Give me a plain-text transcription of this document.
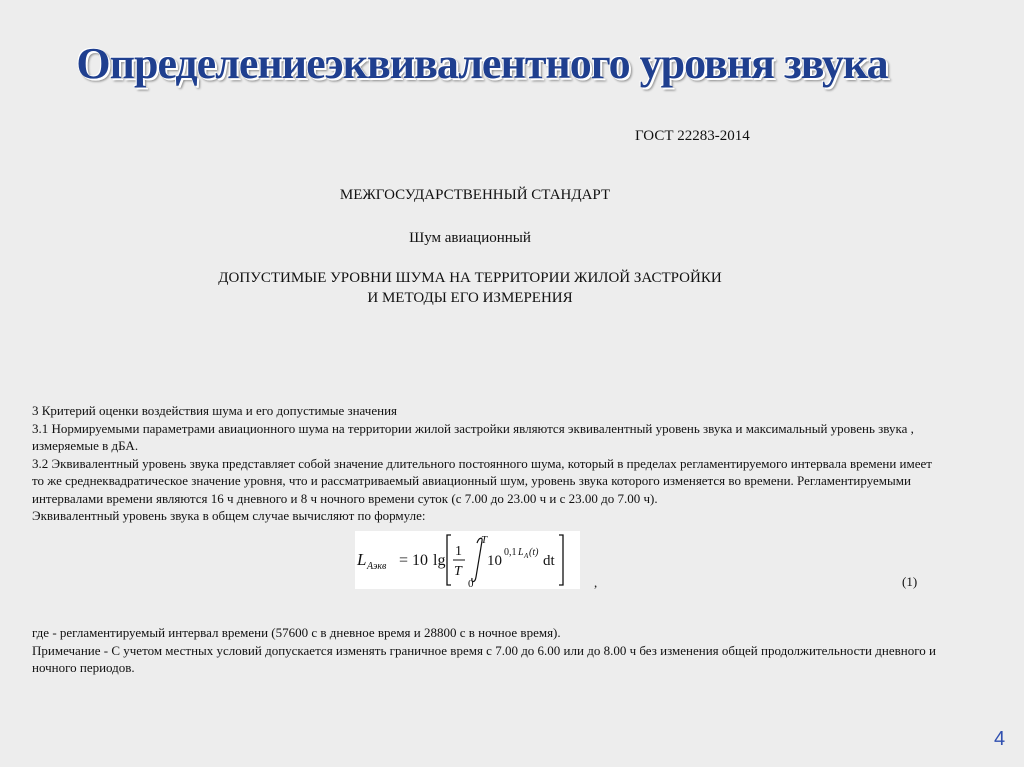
Определениеэквивалентного уровня звука
ГОСТ 22283-2014
МЕЖГОСУДАРСТВЕННЫЙ СТАНДАРТ
Шум авиационный
ДОПУСТИМЫЕ УРОВНИ ШУМА НА ТЕРРИТОРИИ ЖИЛОЙ ЗАСТРОЙКИ
И МЕТОДЫ ЕГО ИЗМЕРЕНИЯ

3 Критерий оценки воздействия шума и его допустимые значения

3.1 Нормируемыми параметрами авиационного шума на территории жилой застройки являются эквивалентный уровень звука и максимальный уровень звука , измеряемые в дБА.

3.2 Эквивалентный уровень звука представляет собой значение длительного постоянного шума, который в пределах регламентируемого интервала времени имеет то же среднеквадратическое значение уровня, что и рассматриваемый авиационный шум, уровень звука которого изменяется во времени. Регламентируемыми интервалами времени являются 16 ч дневного и 8 ч ночного времени суток (с 7.00 до 23.00 ч и с 23.00 до 7.00 ч).

Эквивалентный уровень звука в общем случае вычисляют по формуле:

L Аэкв = 10 lg
1
T
T
0
10
0,1 L A (t)
dt
,	(1)

где - регламентируемый интервал времени (57600 с в дневное время и 28800 с в ночное время).

Примечание - С учетом местных условий допускается изменять граничное время с 7.00 до 6.00 или до 8.00 ч без изменения общей продолжительности дневного и ночного периодов.

4
